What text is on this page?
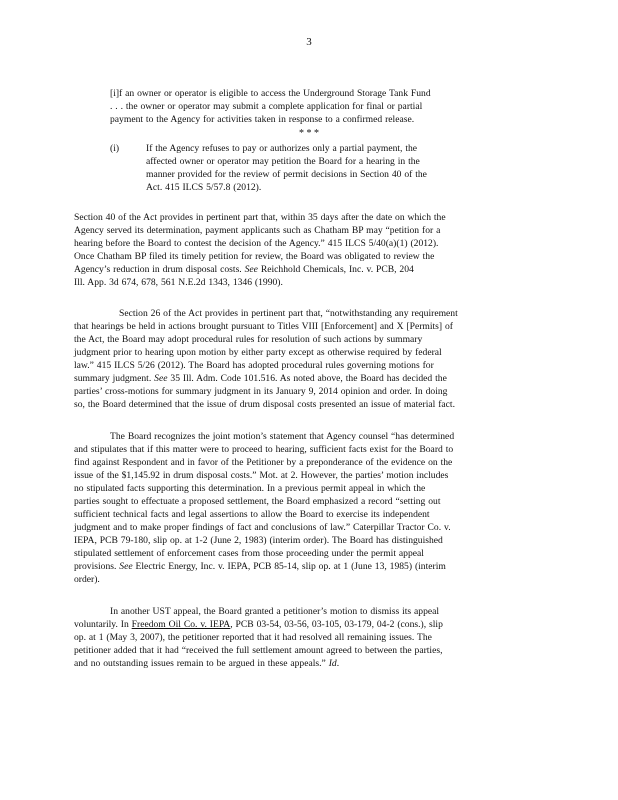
3
[i]f an owner or operator is eligible to access the Underground Storage Tank Fund
. . . the owner or operator may submit a complete application for final or partial
payment to the Agency for activities taken in response to a confirmed release.
* * *
(i)	If the Agency refuses to pay or authorizes only a partial payment, the
affected owner or operator may petition the Board for a hearing in the
manner provided for the review of permit decisions in Section 40 of the
Act. 415 ILCS 5/57.8 (2012).
Section 40 of the Act provides in pertinent part that, within 35 days after the date on which the
Agency served its determination, payment applicants such as Chatham BP may “petition for a
hearing before the Board to contest the decision of the Agency.” 415 ILCS 5/40(a)(1) (2012).
Once Chatham BP filed its timely petition for review, the Board was obligated to review the
Agency’s reduction in drum disposal costs. See Reichhold Chemicals, Inc. v. PCB, 204
Ill. App. 3d 674, 678, 561 N.E.2d 1343, 1346 (1990).
Section 26 of the Act provides in pertinent part that, “notwithstanding any requirement
that hearings be held in actions brought pursuant to Titles VIII [Enforcement] and X [Permits] of
the Act, the Board may adopt procedural rules for resolution of such actions by summary
judgment prior to hearing upon motion by either party except as otherwise required by federal
law.” 415 ILCS 5/26 (2012). The Board has adopted procedural rules governing motions for
summary judgment. See 35 Ill. Adm. Code 101.516. As noted above, the Board has decided the
parties’ cross-motions for summary judgment in its January 9, 2014 opinion and order. In doing
so, the Board determined that the issue of drum disposal costs presented an issue of material fact.
The Board recognizes the joint motion’s statement that Agency counsel “has determined
and stipulates that if this matter were to proceed to hearing, sufficient facts exist for the Board to
find against Respondent and in favor of the Petitioner by a preponderance of the evidence on the
issue of the $1,145.92 in drum disposal costs.” Mot. at 2. However, the parties’ motion includes
no stipulated facts supporting this determination. In a previous permit appeal in which the
parties sought to effectuate a proposed settlement, the Board emphasized a record “setting out
sufficient technical facts and legal assertions to allow the Board to exercise its independent
judgment and to make proper findings of fact and conclusions of law.” Caterpillar Tractor Co. v.
IEPA, PCB 79-180, slip op. at 1-2 (June 2, 1983) (interim order). The Board has distinguished
stipulated settlement of enforcement cases from those proceeding under the permit appeal
provisions. See Electric Energy, Inc. v. IEPA, PCB 85-14, slip op. at 1 (June 13, 1985) (interim
order).
In another UST appeal, the Board granted a petitioner’s motion to dismiss its appeal
voluntarily. In Freedom Oil Co. v. IEPA, PCB 03-54, 03-56, 03-105, 03-179, 04-2 (cons.), slip
op. at 1 (May 3, 2007), the petitioner reported that it had resolved all remaining issues. The
petitioner added that it had “received the full settlement amount agreed to between the parties,
and no outstanding issues remain to be argued in these appeals.” Id.
